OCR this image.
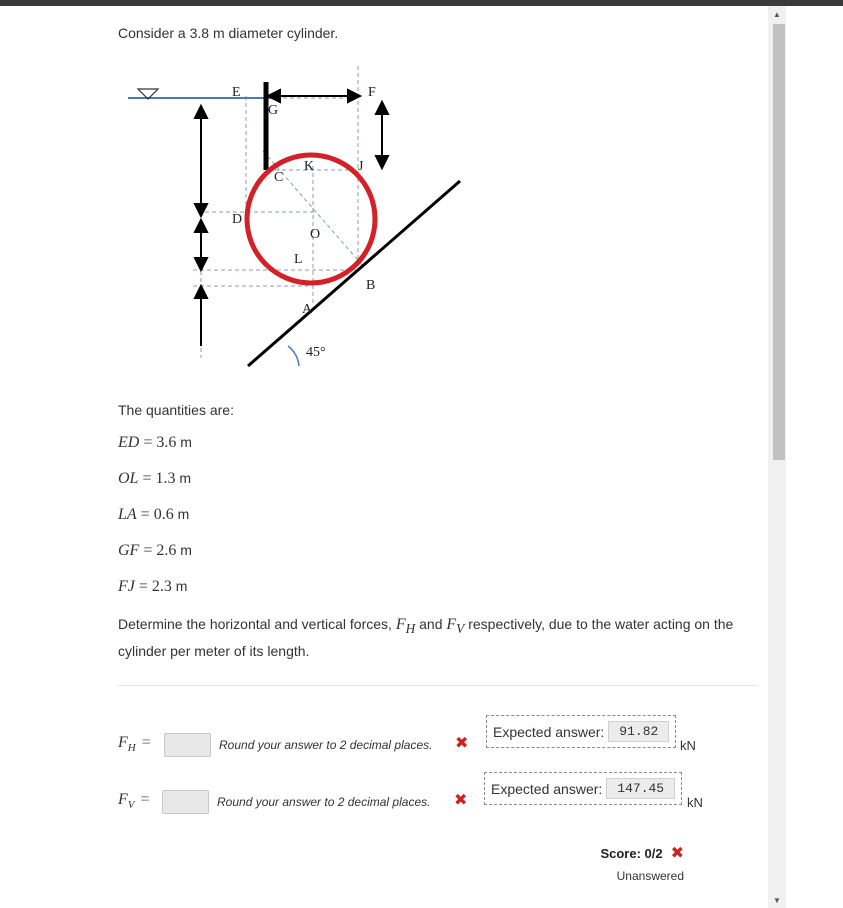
Consider a 3.8 m diameter cylinder.
E	F
G
K	J
C
D
O
L
B
A
45°
The quantities are:
ED = 3.6 m
OL = 1.3 m
LA = 0.6 m
GF = 2.6 m
FJ = 2.3 m
Determine the horizontal and vertical forces, $F_H$ and $F_V$ respectively, due to the water acting on the cylinder per meter of its length.
$F_H$ =	Round your answer to 2 decimal places. ✖
Expected answer:	91.82
kN
$F_V$ =	Round your answer to 2 decimal places. ✖
Expected answer:	147.45
kN
Score: 0/2 ✖
Unanswered
▲
▼
